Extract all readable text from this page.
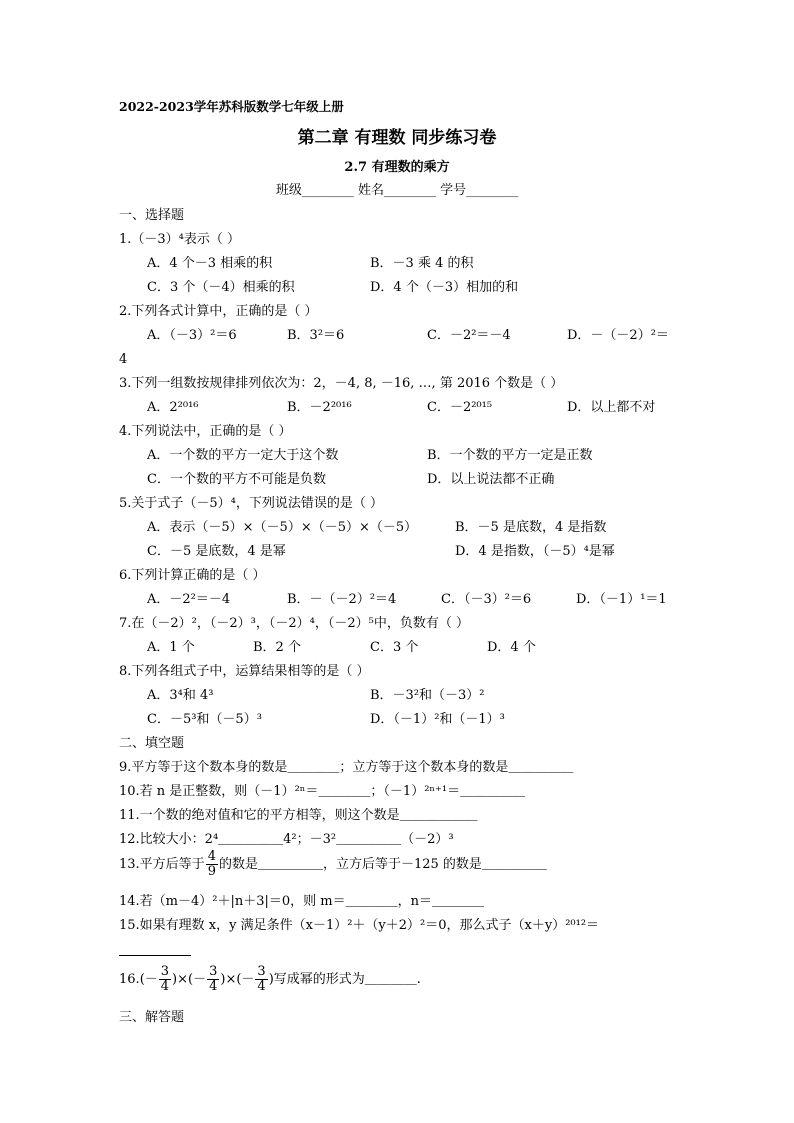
2022-2023学年苏科版数学七年级上册
第二章 有理数 同步练习卷
2.7 有理数的乘方
班级________ 姓名________ 学号________
一、选择题
1.（－3）⁴表示（ ）
A．4 个－3 相乘的积	B．－3 乘 4 的积
C．3 个（－4）相乘的积	D．4 个（－3）相加的和
2.下列各式计算中，正确的是（ ）
A．（－3）²＝6	B．3²＝6	C．－2²＝－4	D．－（－2）²＝
4
3.下列一组数按规律排列依次为：2，－4, 8, －16, …, 第 2016 个数是（ ）
A．2²⁰¹⁶	B．－2²⁰¹⁶	C．－2²⁰¹⁵	D．以上都不对
4.下列说法中，正确的是（ ）
A．一个数的平方一定大于这个数	B．一个数的平方一定是正数
C．一个数的平方不可能是负数	D．以上说法都不正确
5.关于式子（－5）⁴，下列说法错误的是（ ）
A．表示（－5）×（－5）×（－5）×（－5）	B．－5 是底数，4 是指数
C．－5 是底数，4 是幂	D．4 是指数，（－5）⁴是幂
6.下列计算正确的是（ ）
A．－2²＝－4	B．－（－2）²＝4	C．（－3）²＝6	D．（－1）¹＝1
7.在（－2）²，（－2）³，（－2）⁴，（－2）⁵中，负数有（ ）
A．1 个	B．2 个	C．3 个	D．4 个
8.下列各组式子中，运算结果相等的是（ ）
A．3⁴和 4³	B．－3²和（－3）²
C．－5³和（－5）³	D．（－1）²和（－1）³
二、填空题
9.平方等于这个数本身的数是＿＿＿＿；立方等于这个数本身的数是＿＿＿＿＿
10.若 n 是正整数，则（－1）²ⁿ＝＿＿＿＿；（－1）²ⁿ⁺¹＝＿＿＿＿＿
11.一个数的绝对值和它的平方相等，则这个数是＿＿＿＿＿＿
12.比较大小：2⁴＿＿＿＿＿4²；－3²＿＿＿＿＿（－2）³
13.平方后等于 $\frac{4}{9}$ 的数是＿＿＿＿＿，立方后等于－125 的数是＿＿＿＿＿
14.若（m－4）²＋|n＋3|＝0，则 m＝＿＿＿＿，n＝＿＿＿＿
15.如果有理数 x，y 满足条件（x－1）²＋（y＋2）²＝0，那么式子（x＋y）²⁰¹²＝
$16.(- \frac{3}{4}$ )×(－ $\frac{3}{4}$ )×(－ $\frac{3}{4}$ )写成幂的形式为＿＿＿＿.
三、解答题
